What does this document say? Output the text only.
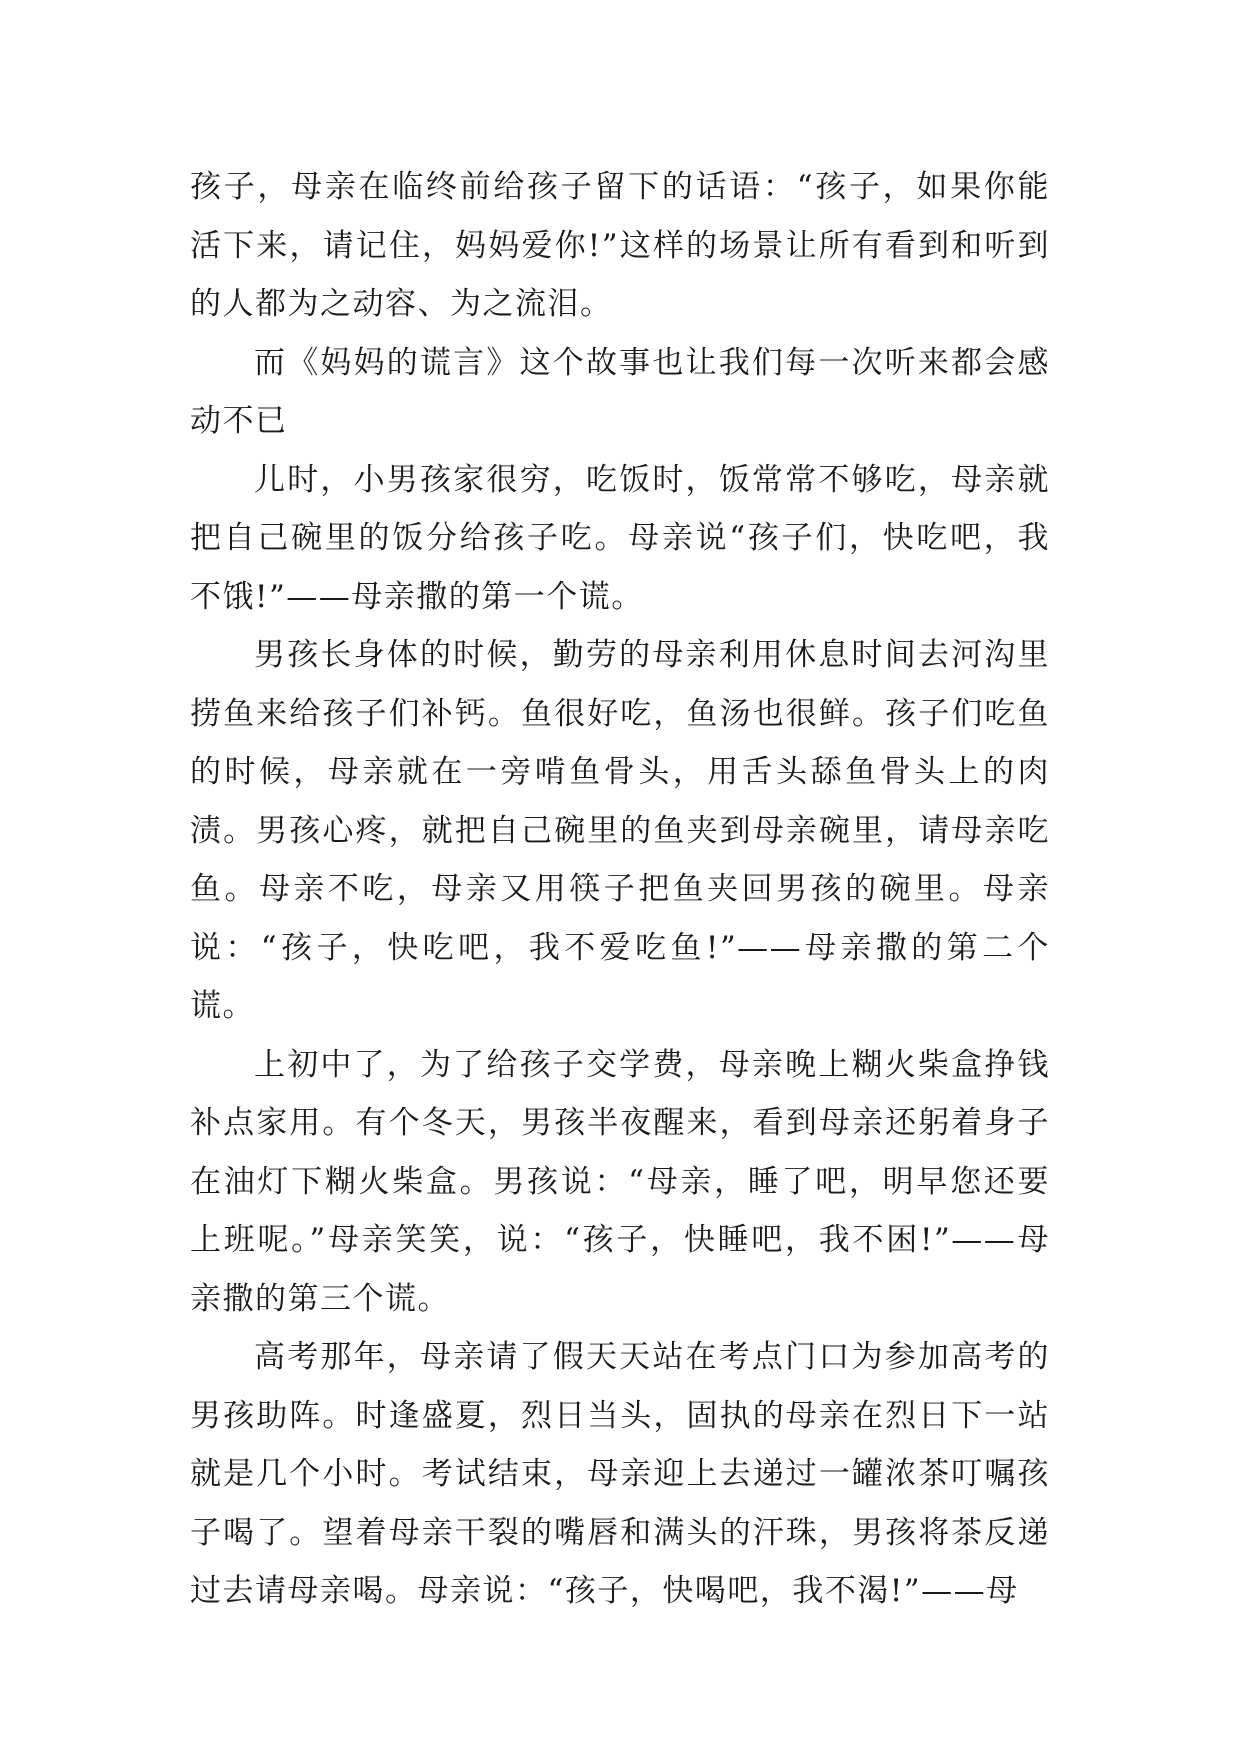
孩子，母亲在临终前给孩子留下的话语：“孩子，如果你能活下来，请记住，妈妈爱你!”这样的场景让所有看到和听到的人都为之动容、为之流泪。

而《妈妈的谎言》这个故事也让我们每一次听来都会感动不已

儿时，小男孩家很穷，吃饭时，饭常常不够吃，母亲就把自己碗里的饭分给孩子吃。母亲说“孩子们，快吃吧，我不饿!”——母亲撒的第一个谎。

男孩长身体的时候，勤劳的母亲利用休息时间去河沟里捞鱼来给孩子们补钙。鱼很好吃，鱼汤也很鲜。孩子们吃鱼的时候，母亲就在一旁啃鱼骨头，用舌头舔鱼骨头上的肉渍。男孩心疼，就把自己碗里的鱼夹到母亲碗里，请母亲吃鱼。母亲不吃，母亲又用筷子把鱼夹回男孩的碗里。母亲说：“孩子，快吃吧，我不爱吃鱼!”——母亲撒的第二个谎。

上初中了，为了给孩子交学费，母亲晚上糊火柴盒挣钱补点家用。有个冬天，男孩半夜醒来，看到母亲还躬着身子在油灯下糊火柴盒。男孩说：“母亲，睡了吧，明早您还要上班呢。”母亲笑笑，说：“孩子，快睡吧，我不困!”——母亲撒的第三个谎。

高考那年，母亲请了假天天站在考点门口为参加高考的男孩助阵。时逢盛夏，烈日当头，固执的母亲在烈日下一站就是几个小时。考试结束，母亲迎上去递过一罐浓茶叮嘱孩子喝了。望着母亲干裂的嘴唇和满头的汗珠，男孩将茶反递过去请母亲喝。母亲说：“孩子，快喝吧，我不渴!”——母
